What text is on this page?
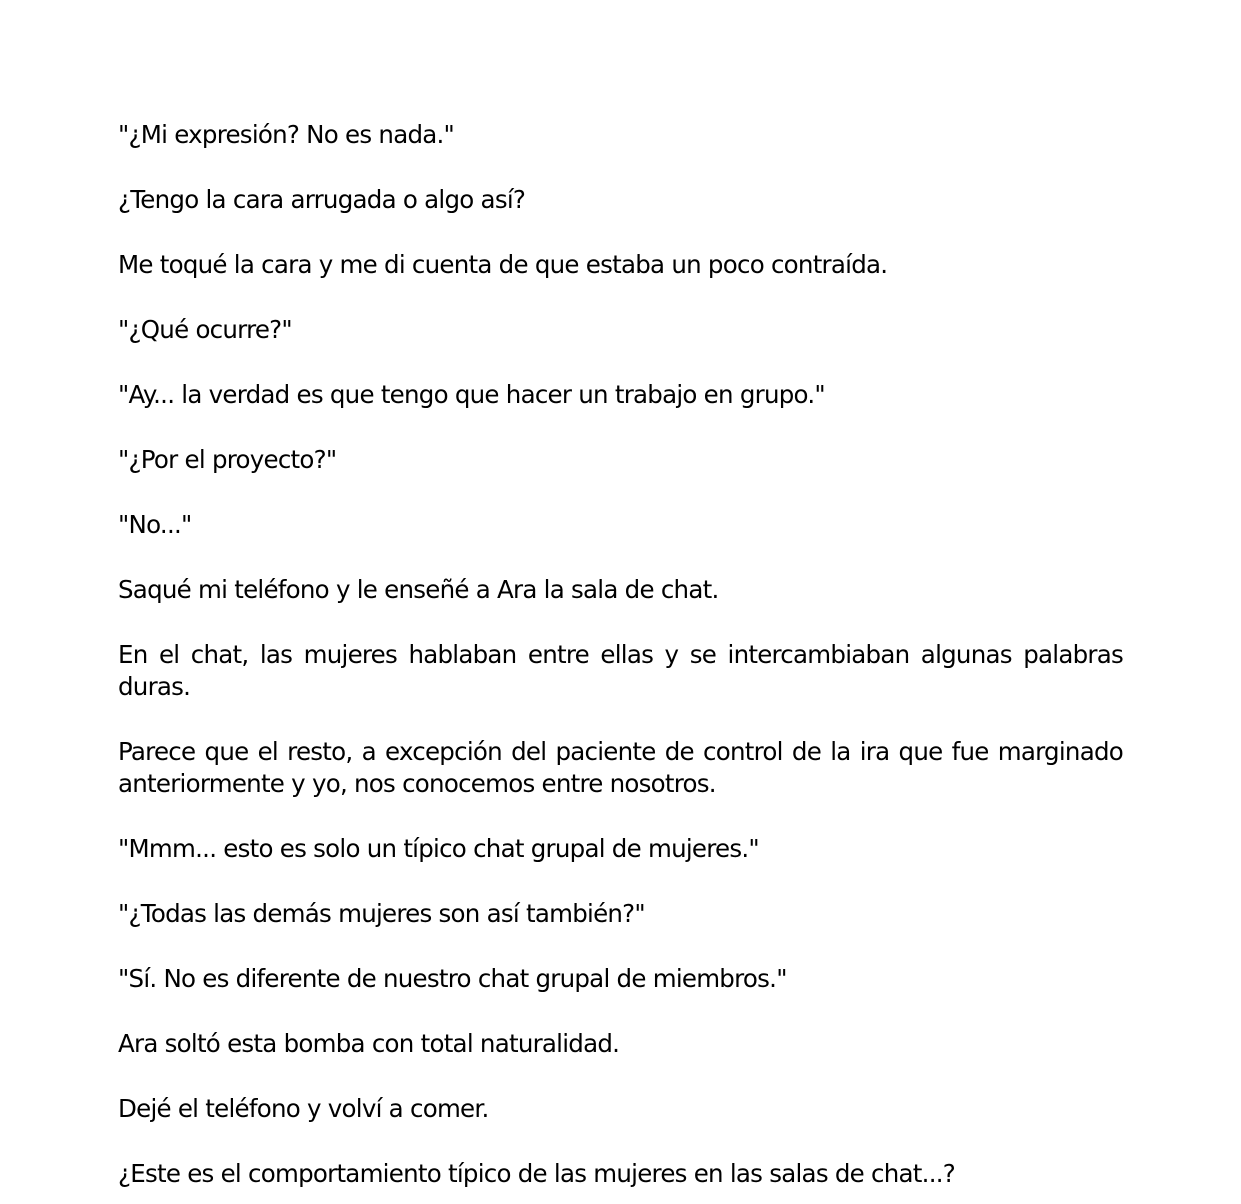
"¿Mi expresión? No es nada."

¿Tengo la cara arrugada o algo así?

Me toqué la cara y me di cuenta de que estaba un poco contraída.

"¿Qué ocurre?"

"Ay... la verdad es que tengo que hacer un trabajo en grupo."

"¿Por el proyecto?"

"No..."

Saqué mi teléfono y le enseñé a Ara la sala de chat.

En el chat, las mujeres hablaban entre ellas y se intercambiaban algunas palabras duras.

Parece que el resto, a excepción del paciente de control de la ira que fue marginado anteriormente y yo, nos conocemos entre nosotros.

"Mmm... esto es solo un típico chat grupal de mujeres."

"¿Todas las demás mujeres son así también?"

"Sí. No es diferente de nuestro chat grupal de miembros."

Ara soltó esta bomba con total naturalidad.

Dejé el teléfono y volví a comer.

¿Este es el comportamiento típico de las mujeres en las salas de chat...?
